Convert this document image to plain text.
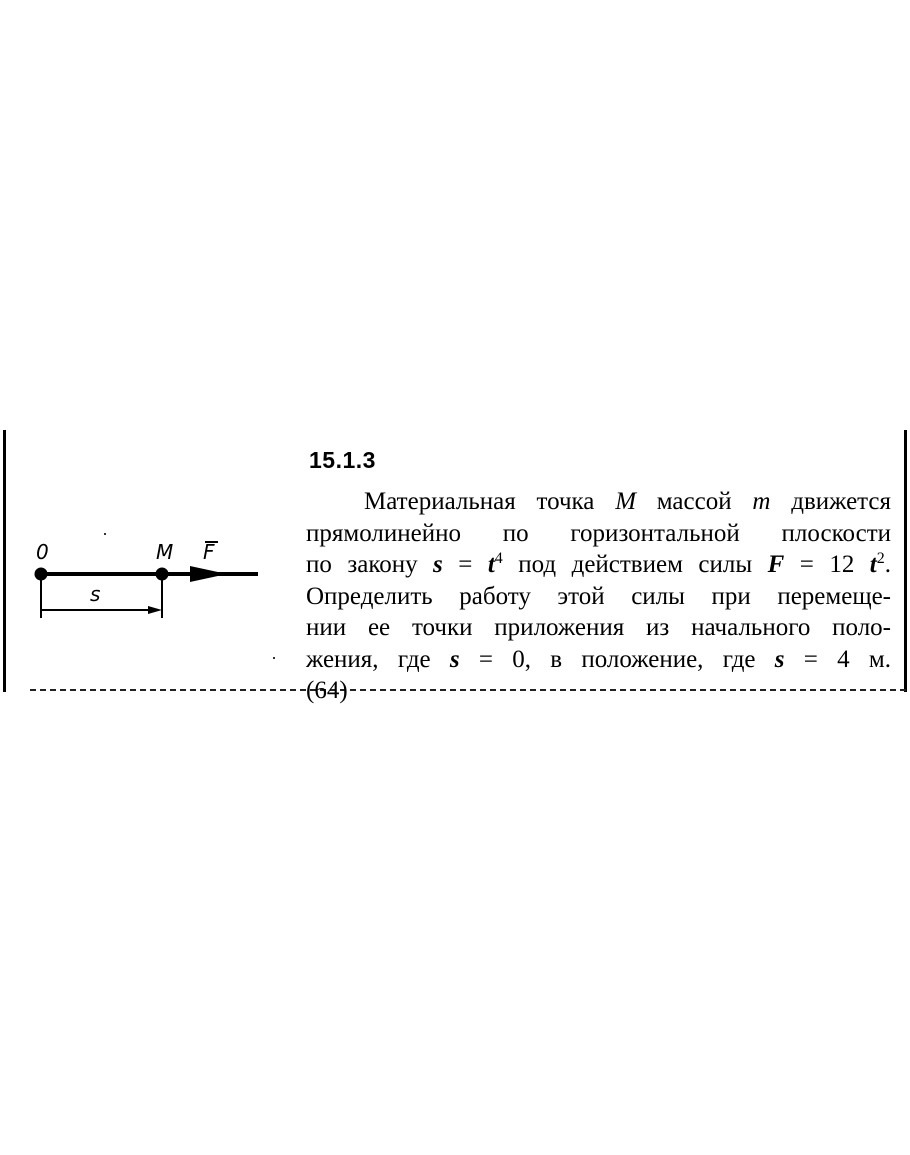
0	M F
s
15.1.3
Материальная точка M массой m движется
прямолинейно по горизонтальной плоскости
по закону $s = t^4$ под действием силы F = 12 $t^2$.
Определить работу этой силы при перемеще-
нии ее точки приложения из начального поло-
жения, где s = 0, в положение, где s = 4 м.
(64)
